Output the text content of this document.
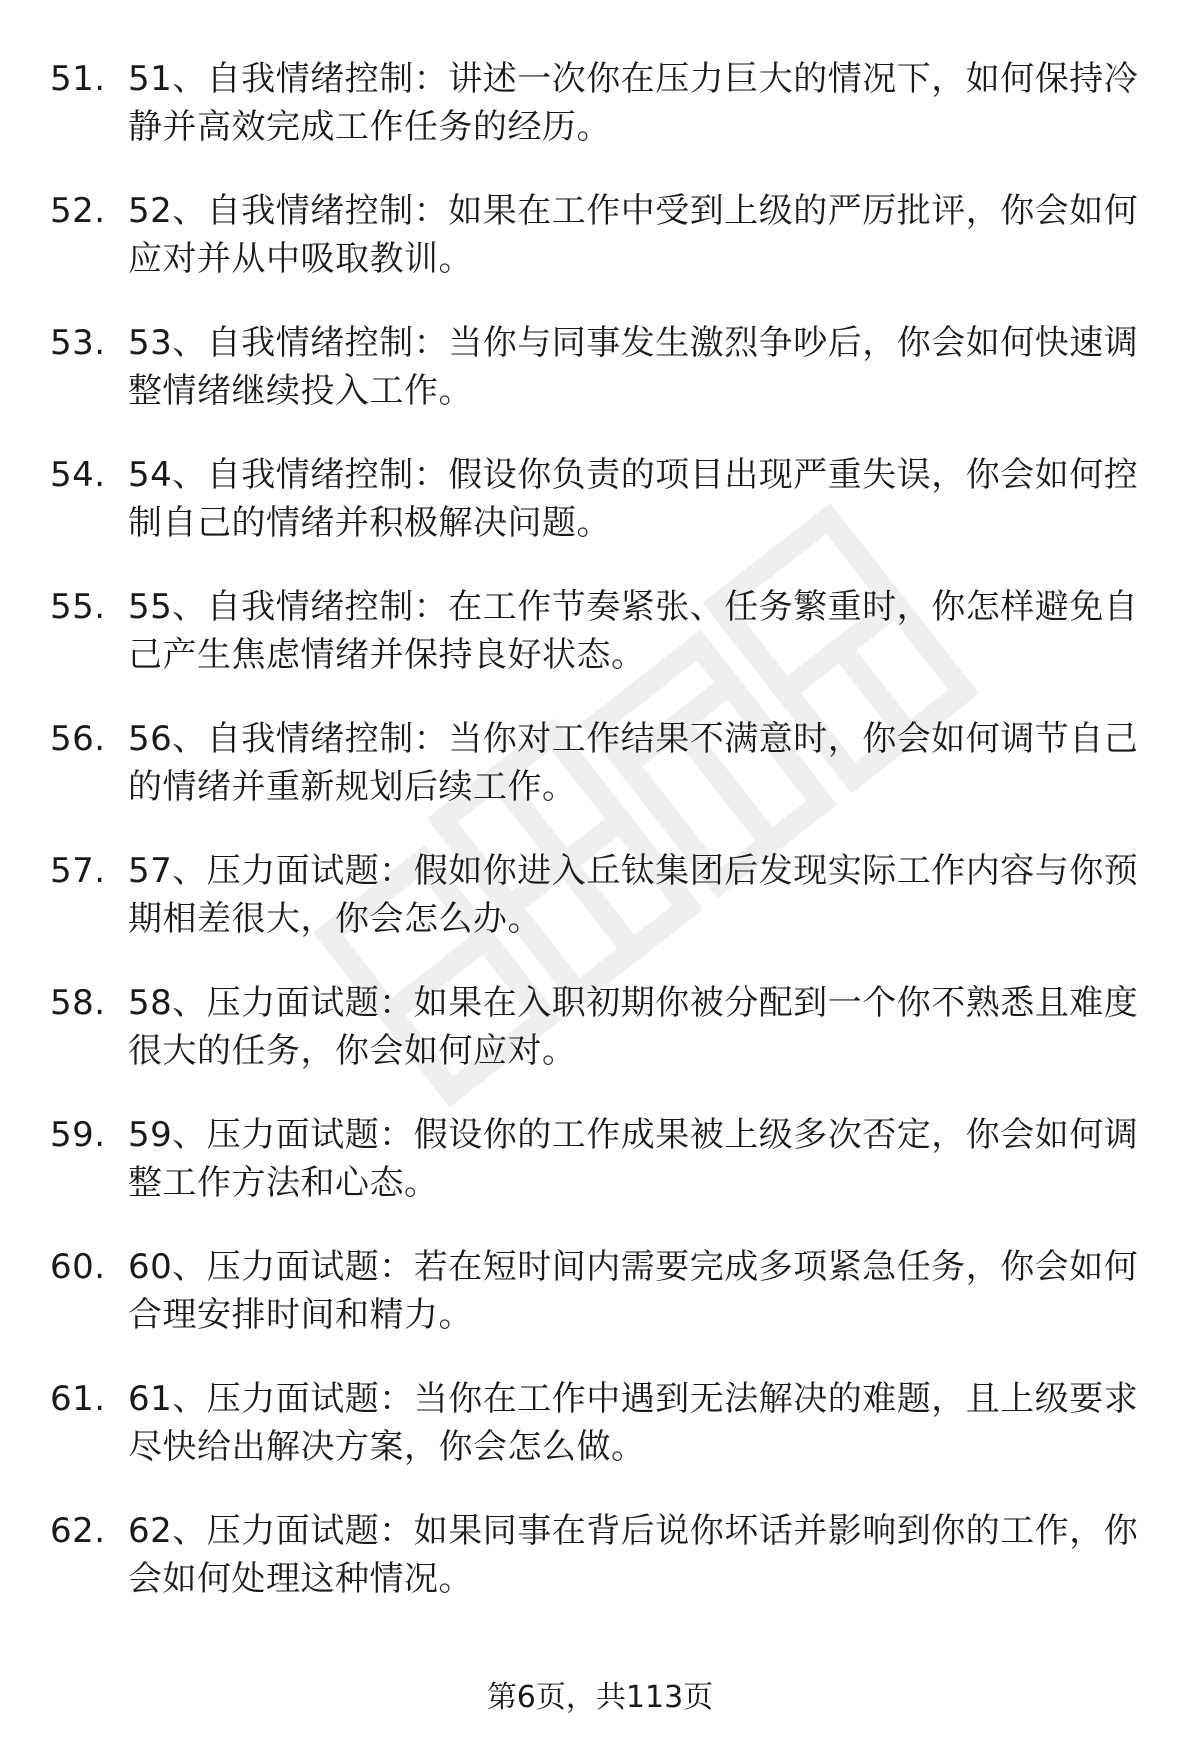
51. 51、自我情绪控制：讲述一次你在压力巨大的情况下，如何保持冷静并高效完成工作任务的经历。
52. 52、自我情绪控制：如果在工作中受到上级的严厉批评，你会如何应对并从中吸取教训。
53. 53、自我情绪控制：当你与同事发生激烈争吵后，你会如何快速调整情绪继续投入工作。
54. 54、自我情绪控制：假设你负责的项目出现严重失误，你会如何控制自己的情绪并积极解决问题。
55. 55、自我情绪控制：在工作节奏紧张、任务繁重时，你怎样避免自己产生焦虑情绪并保持良好状态。
56. 56、自我情绪控制：当你对工作结果不满意时，你会如何调节自己的情绪并重新规划后续工作。
57. 57、压力面试题：假如你进入丘钛集团后发现实际工作内容与你预期相差很大，你会怎么办。
58. 58、压力面试题：如果在入职初期你被分配到一个你不熟悉且难度很大的任务，你会如何应对。
59. 59、压力面试题：假设你的工作成果被上级多次否定，你会如何调整工作方法和心态。
60. 60、压力面试题：若在短时间内需要完成多项紧急任务，你会如何合理安排时间和精力。
61. 61、压力面试题：当你在工作中遇到无法解决的难题，且上级要求尽快给出解决方案，你会怎么做。
62. 62、压力面试题：如果同事在背后说你坏话并影响到你的工作，你会如何处理这种情况。
第6页，共113页
